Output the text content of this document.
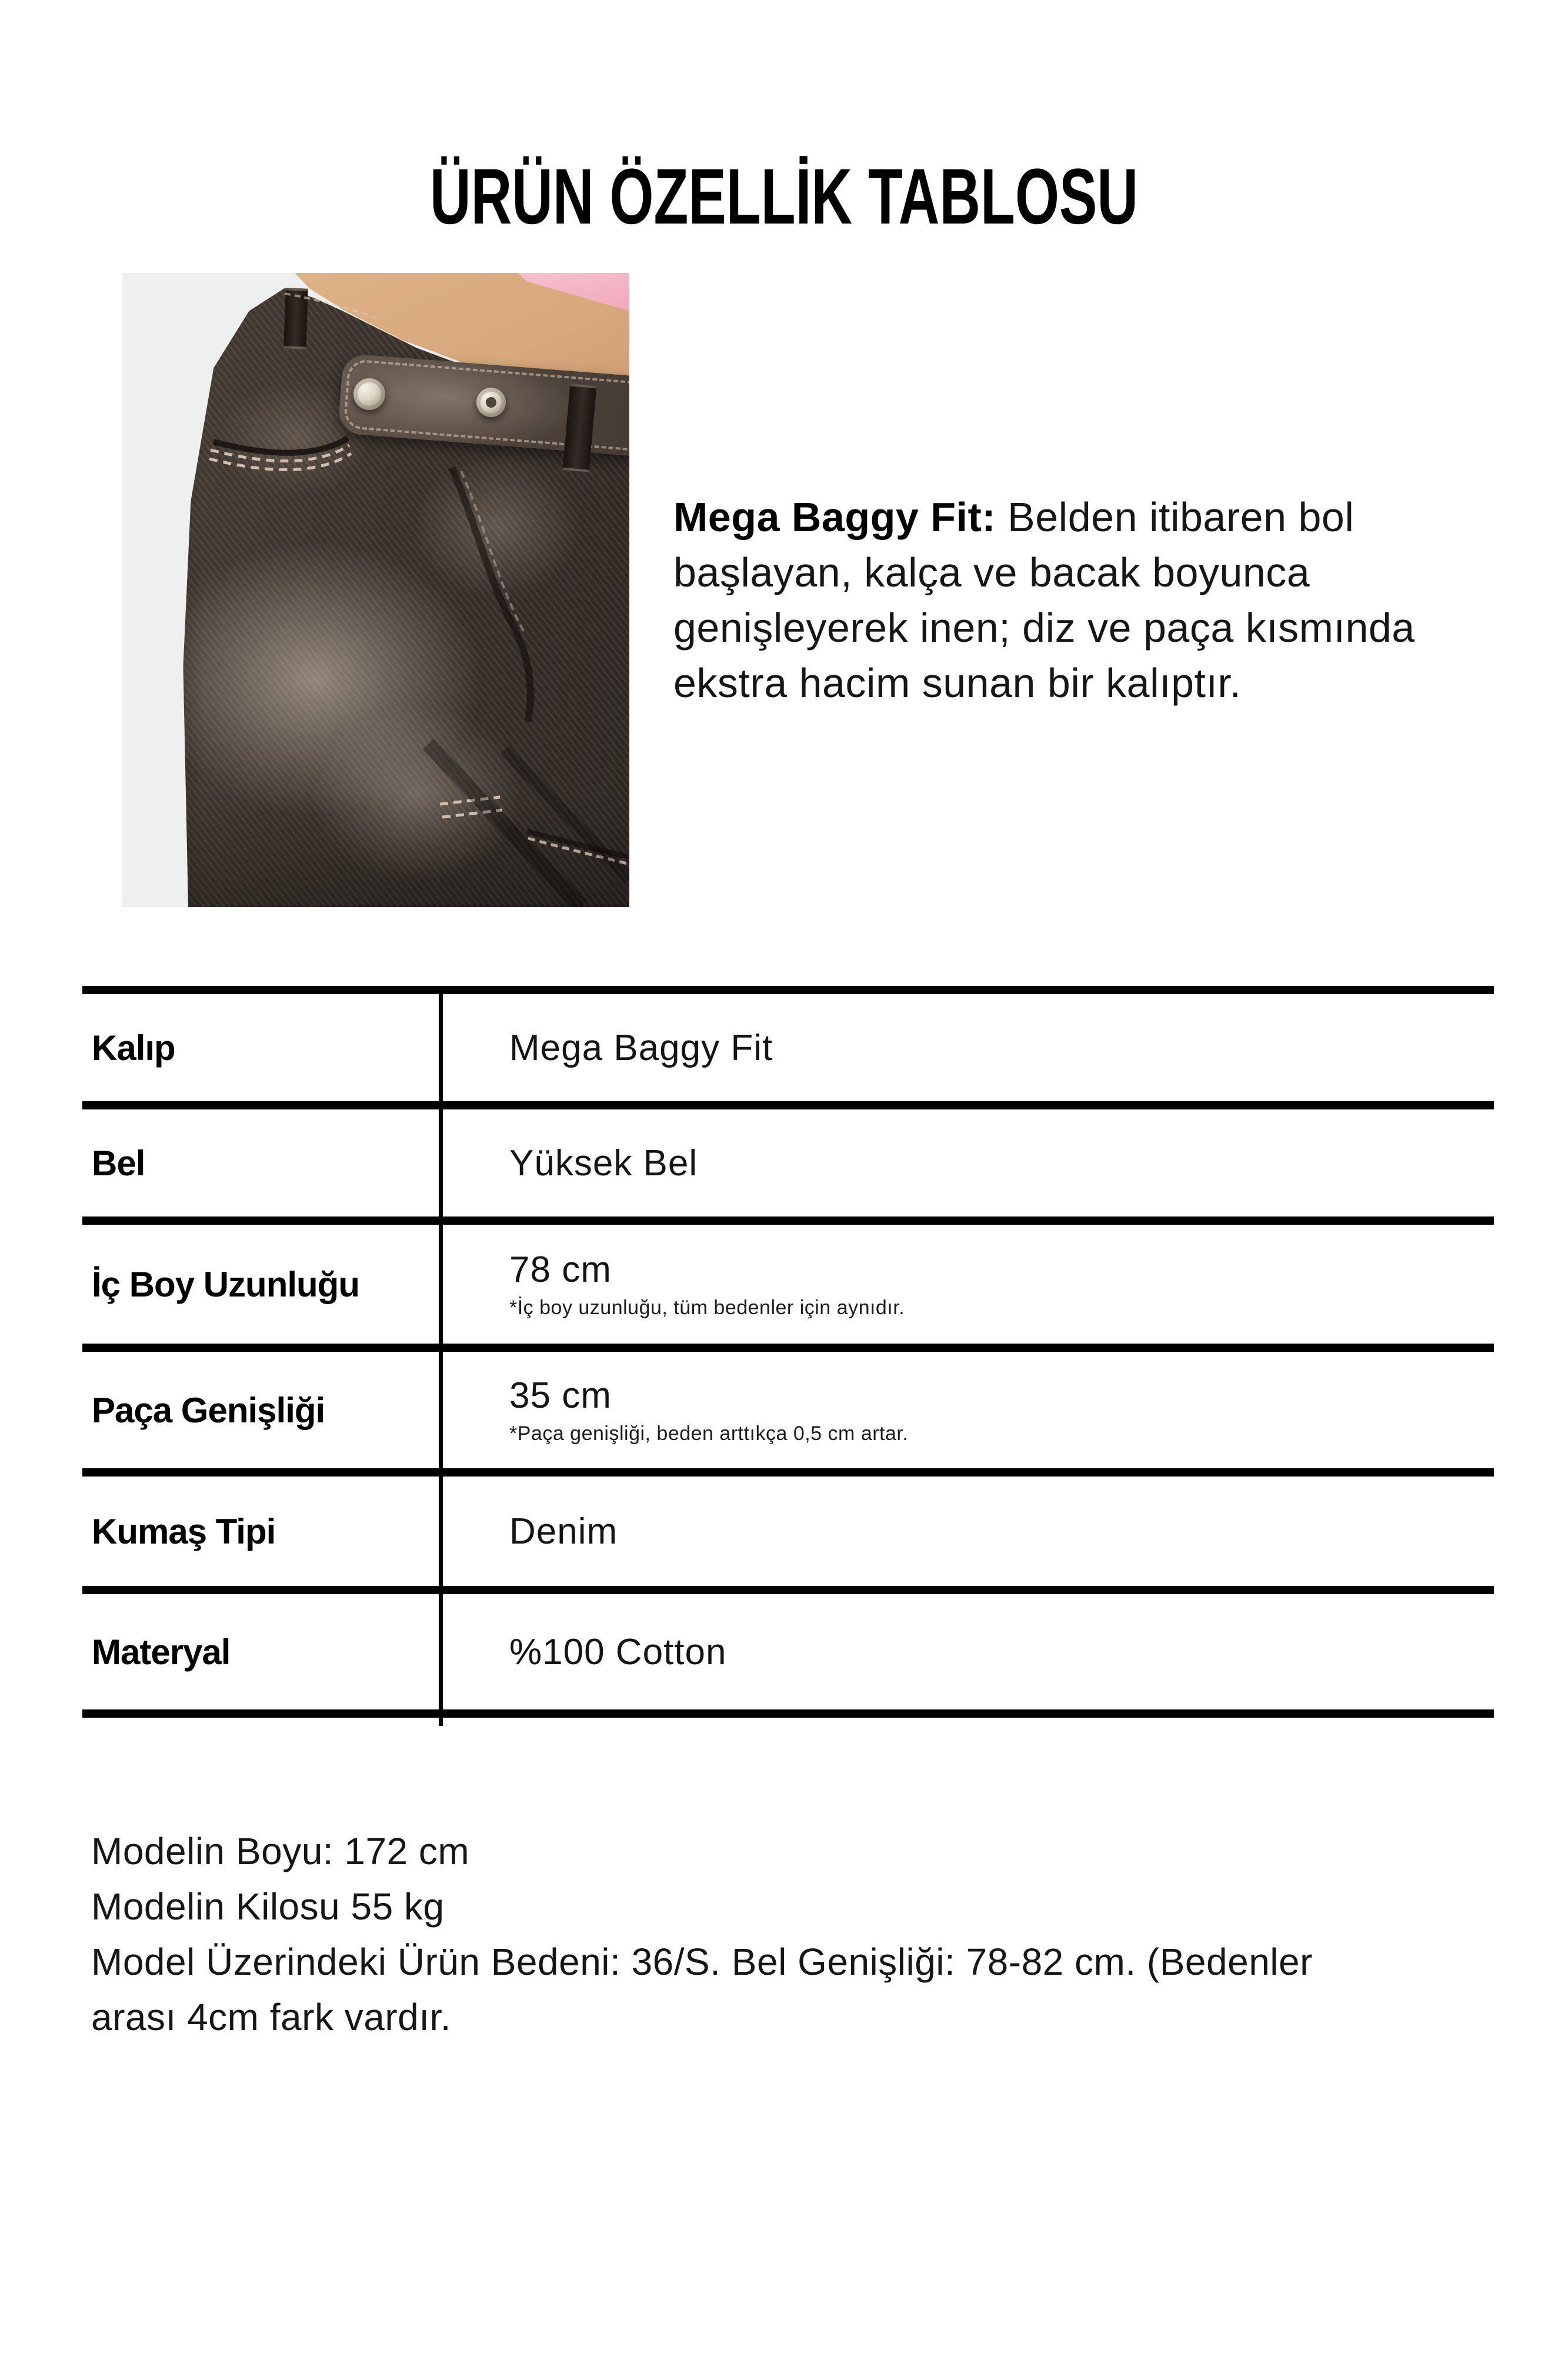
ÜRÜN ÖZELLİK TABLOSU
Mega Baggy Fit: Belden itibaren bol
başlayan, kalça ve bacak boyunca
genişleyerek inen; diz ve paça kısmında
ekstra hacim sunan bir kalıptır.
Kalıp	Mega Baggy Fit
Bel	Yüksek Bel
İç Boy Uzunluğu	78 cm
*İç boy uzunluğu, tüm bedenler için aynıdır.
Paça Genişliği	35 cm
*Paça genişliği, beden arttıkça 0,5 cm artar.
Kumaş Tipi	Denim
Materyal	%100 Cotton
Modelin Boyu: 172 cm
Modelin Kilosu 55 kg
Model Üzerindeki Ürün Bedeni: 36/S. Bel Genişliği: 78-82 cm. (Bedenler
arası 4cm fark vardır.
